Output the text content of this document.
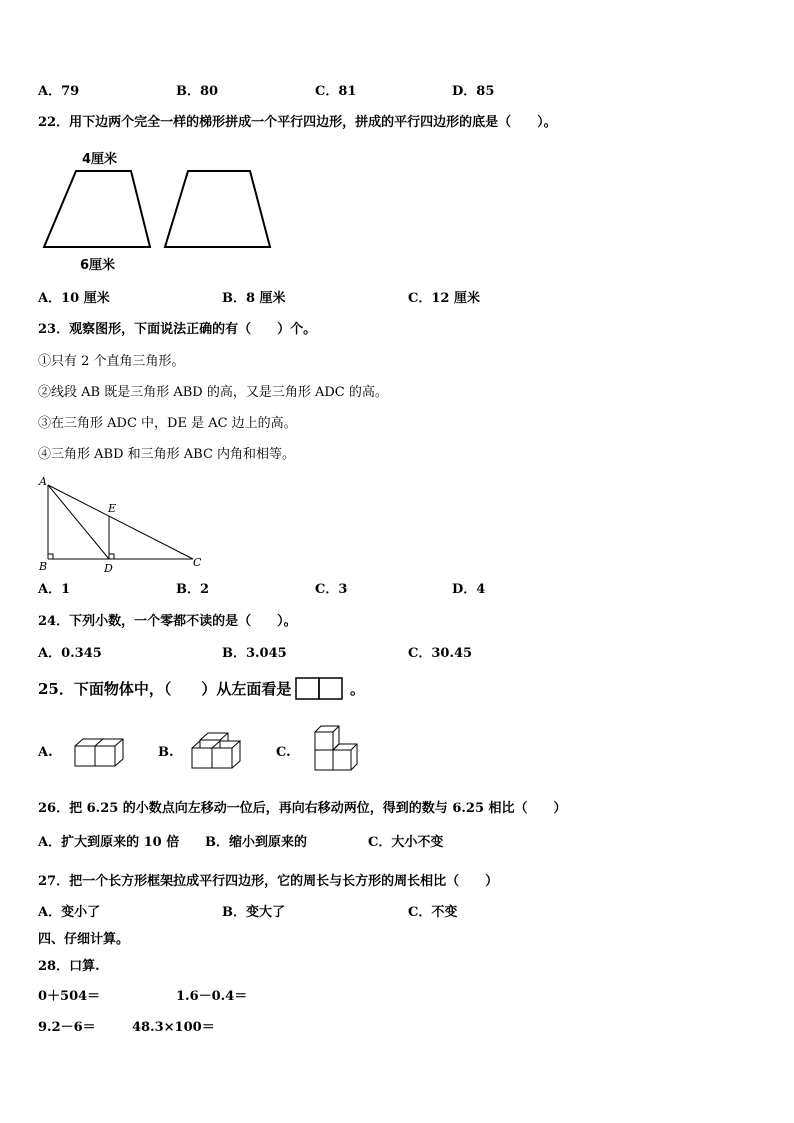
A．79	B．80	C．81	D．85
22．用下边两个完全一样的梯形拼成一个平行四边形，拼成的平行四边形的底是（　　）。
4厘米
6厘米
A．10 厘米	B．8 厘米	C．12 厘米
23．观察图形，下面说法正确的有（　　）个。
①只有 2 个直角三角形。
②线段 AB 既是三角形 ABD 的高，又是三角形 ADC 的高。
③在三角形 ADC 中，DE 是 AC 边上的高。
④三角形 ABD 和三角形 ABC 内角和相等。
A
B	C
D
E
A．1	B．2	C．3	D．4
24．下列小数，一个零都不读的是（　　）。
A．0.345	B．3.045	C．30.45
25．下面物体中，（　　）从左面看是	。
A.	B.	C.
26．把 6.25 的小数点向左移动一位后，再向右移动两位，得到的数与 6.25 相比（　　）
A．扩大到原来的 10 倍 B．缩小到原来的	C．大小不变
27．把一个长方形框架拉成平行四边形，它的周长与长方形的周长相比（　　）
A．变小了	B．变大了	C．不变
四、仔细计算。
28．口算.
0＋504＝	1.6－0.4＝
9.2－6＝	48.3×100＝
